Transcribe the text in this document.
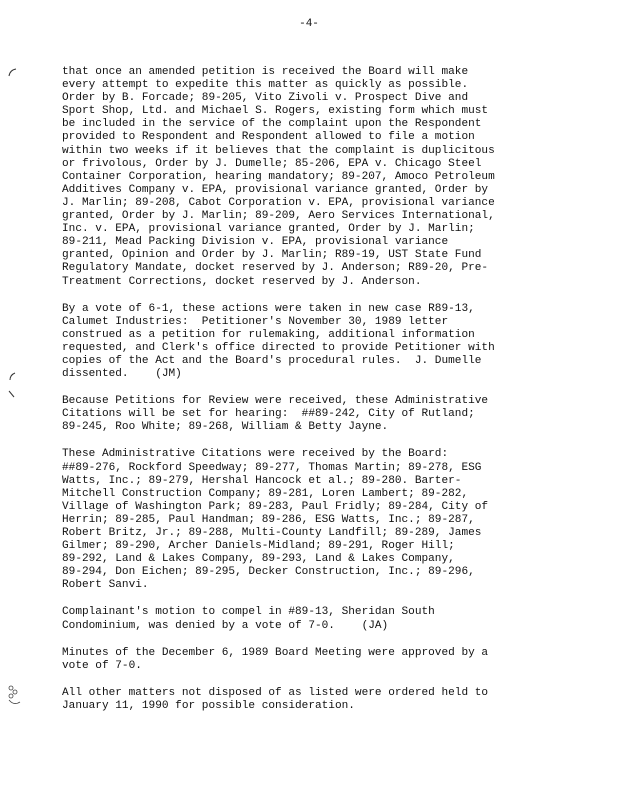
-4-

that once an amended petition is received the Board will make
every attempt to expedite this matter as quickly as possible.
Order by B. Forcade; 89-205, Vito Zivoli v. Prospect Dive and
Sport Shop, Ltd. and Michael S. Rogers, existing form which must
be included in the service of the complaint upon the Respondent
provided to Respondent and Respondent allowed to file a motion
within two weeks if it believes that the complaint is duplicitous
or frivolous, Order by J. Dumelle; 85-206, EPA v. Chicago Steel
Container Corporation, hearing mandatory; 89-207, Amoco Petroleum
Additives Company v. EPA, provisional variance granted, Order by
J. Marlin; 89-208, Cabot Corporation v. EPA, provisional variance
granted, Order by J. Marlin; 89-209, Aero Services International,
Inc. v. EPA, provisional variance granted, Order by J. Marlin;
89-211, Mead Packing Division v. EPA, provisional variance
granted, Opinion and Order by J. Marlin; R89-19, UST State Fund
Regulatory Mandate, docket reserved by J. Anderson; R89-20, Pre-
Treatment Corrections, docket reserved by J. Anderson.

By a vote of 6-1, these actions were taken in new case R89-13,
Calumet Industries:  Petitioner's November 30, 1989 letter
construed as a petition for rulemaking, additional information
requested, and Clerk's office directed to provide Petitioner with
copies of the Act and the Board's procedural rules.  J. Dumelle
dissented.    (JM)

Because Petitions for Review were received, these Administrative
Citations will be set for hearing:  ##89-242, City of Rutland;
89-245, Roo White; 89-268, William & Betty Jayne.

These Administrative Citations were received by the Board:
##89-276, Rockford Speedway; 89-277, Thomas Martin; 89-278, ESG
Watts, Inc.; 89-279, Hershal Hancock et al.; 89-280. Barter-
Mitchell Construction Company; 89-281, Loren Lambert; 89-282,
Village of Washington Park; 89-283, Paul Fridly; 89-284, City of
Herrin; 89-285, Paul Handman; 89-286, ESG Watts, Inc.; 89-287,
Robert Britz, Jr.; 89-288, Multi-County Landfill; 89-289, James
Gilmer; 89-290, Archer Daniels-Midland; 89-291, Roger Hill;
89-292, Land & Lakes Company, 89-293, Land & Lakes Company,
89-294, Don Eichen; 89-295, Decker Construction, Inc.; 89-296,
Robert Sanvi.

Complainant's motion to compel in #89-13, Sheridan South
Condominium, was denied by a vote of 7-0.    (JA)

Minutes of the December 6, 1989 Board Meeting were approved by a
vote of 7-0.

All other matters not disposed of as listed were ordered held to
January 11, 1990 for possible consideration.
